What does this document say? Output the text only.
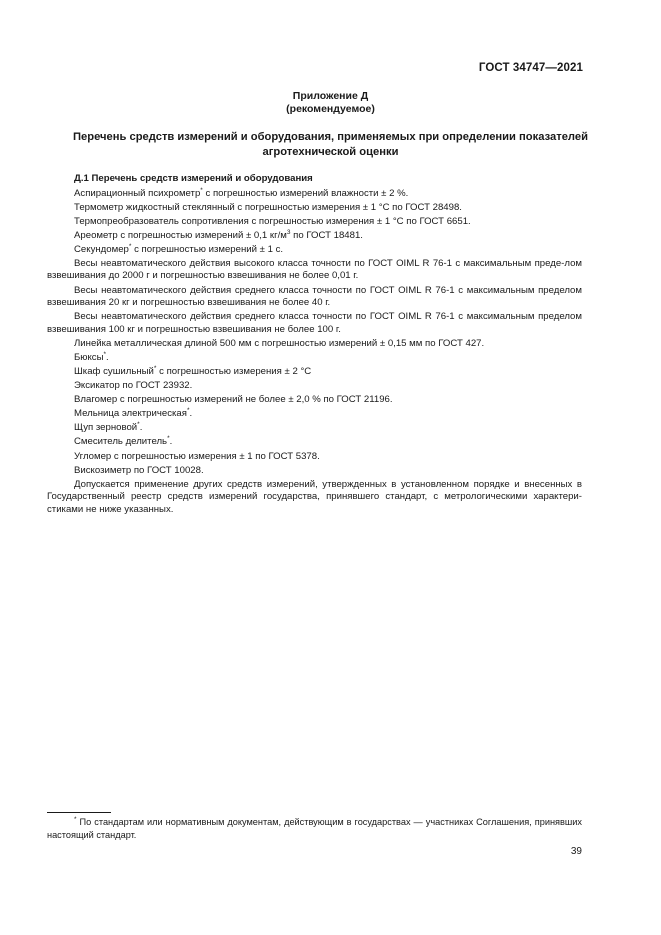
ГОСТ 34747—2021
Приложение Д
(рекомендуемое)
Перечень средств измерений и оборудования, применяемых при определении показателей
агротехнической оценки

Д.1 Перечень средств измерений и оборудования

Аспирационный психрометр* с погрешностью измерений влажности ± 2 %.

Термометр жидкостный стеклянный с погрешностью измерения ± 1 °С по ГОСТ 28498.

Термопреобразователь сопротивления с погрешностью измерения ± 1 °С по ГОСТ 6651.

Ареометр с погрешностью измерений ± 0,1 $кг/м^3$ по ГОСТ 18481.

Секундомер* с погрешностью измерений ± 1 с.

Весы неавтоматического действия высокого класса точности по ГОСТ OIML R 76-1 с максимальным преде-лом взвешивания до 2000 г и погрешностью взвешивания не более 0,01 г.

Весы неавтоматического действия среднего класса точности по ГОСТ OIML R 76-1 с максимальным пределом взвешивания 20 кг и погрешностью взвешивания не более 40 г.

Весы неавтоматического действия среднего класса точности по ГОСТ OIML R 76-1 с максимальным пределом взвешивания 100 кг и погрешностью взвешивания не более 100 г.

Линейка металлическая длиной 500 мм с погрешностью измерений ± 0,15 мм по ГОСТ 427.

Бюксы*.

Шкаф сушильный* с погрешностью измерения ± 2 °С

Эксикатор по ГОСТ 23932.

Влагомер с погрешностью измерений не более ± 2,0 % по ГОСТ 21196.

Мельница электрическая*.

Щуп зерновой*.

Смеситель делитель*.

Угломер с погрешностью измерения ± 1 по ГОСТ 5378.

Вискозиметр по ГОСТ 10028.

Допускается применение других средств измерений, утвержденных в установленном порядке и внесенных в Государственный реестр средств измерений государства, принявшего стандарт, с метрологическими характери-стиками не ниже указанных.

* По стандартам или нормативным документам, действующим в государствах — участниках Соглашения, принявших настоящий стандарт.
39
